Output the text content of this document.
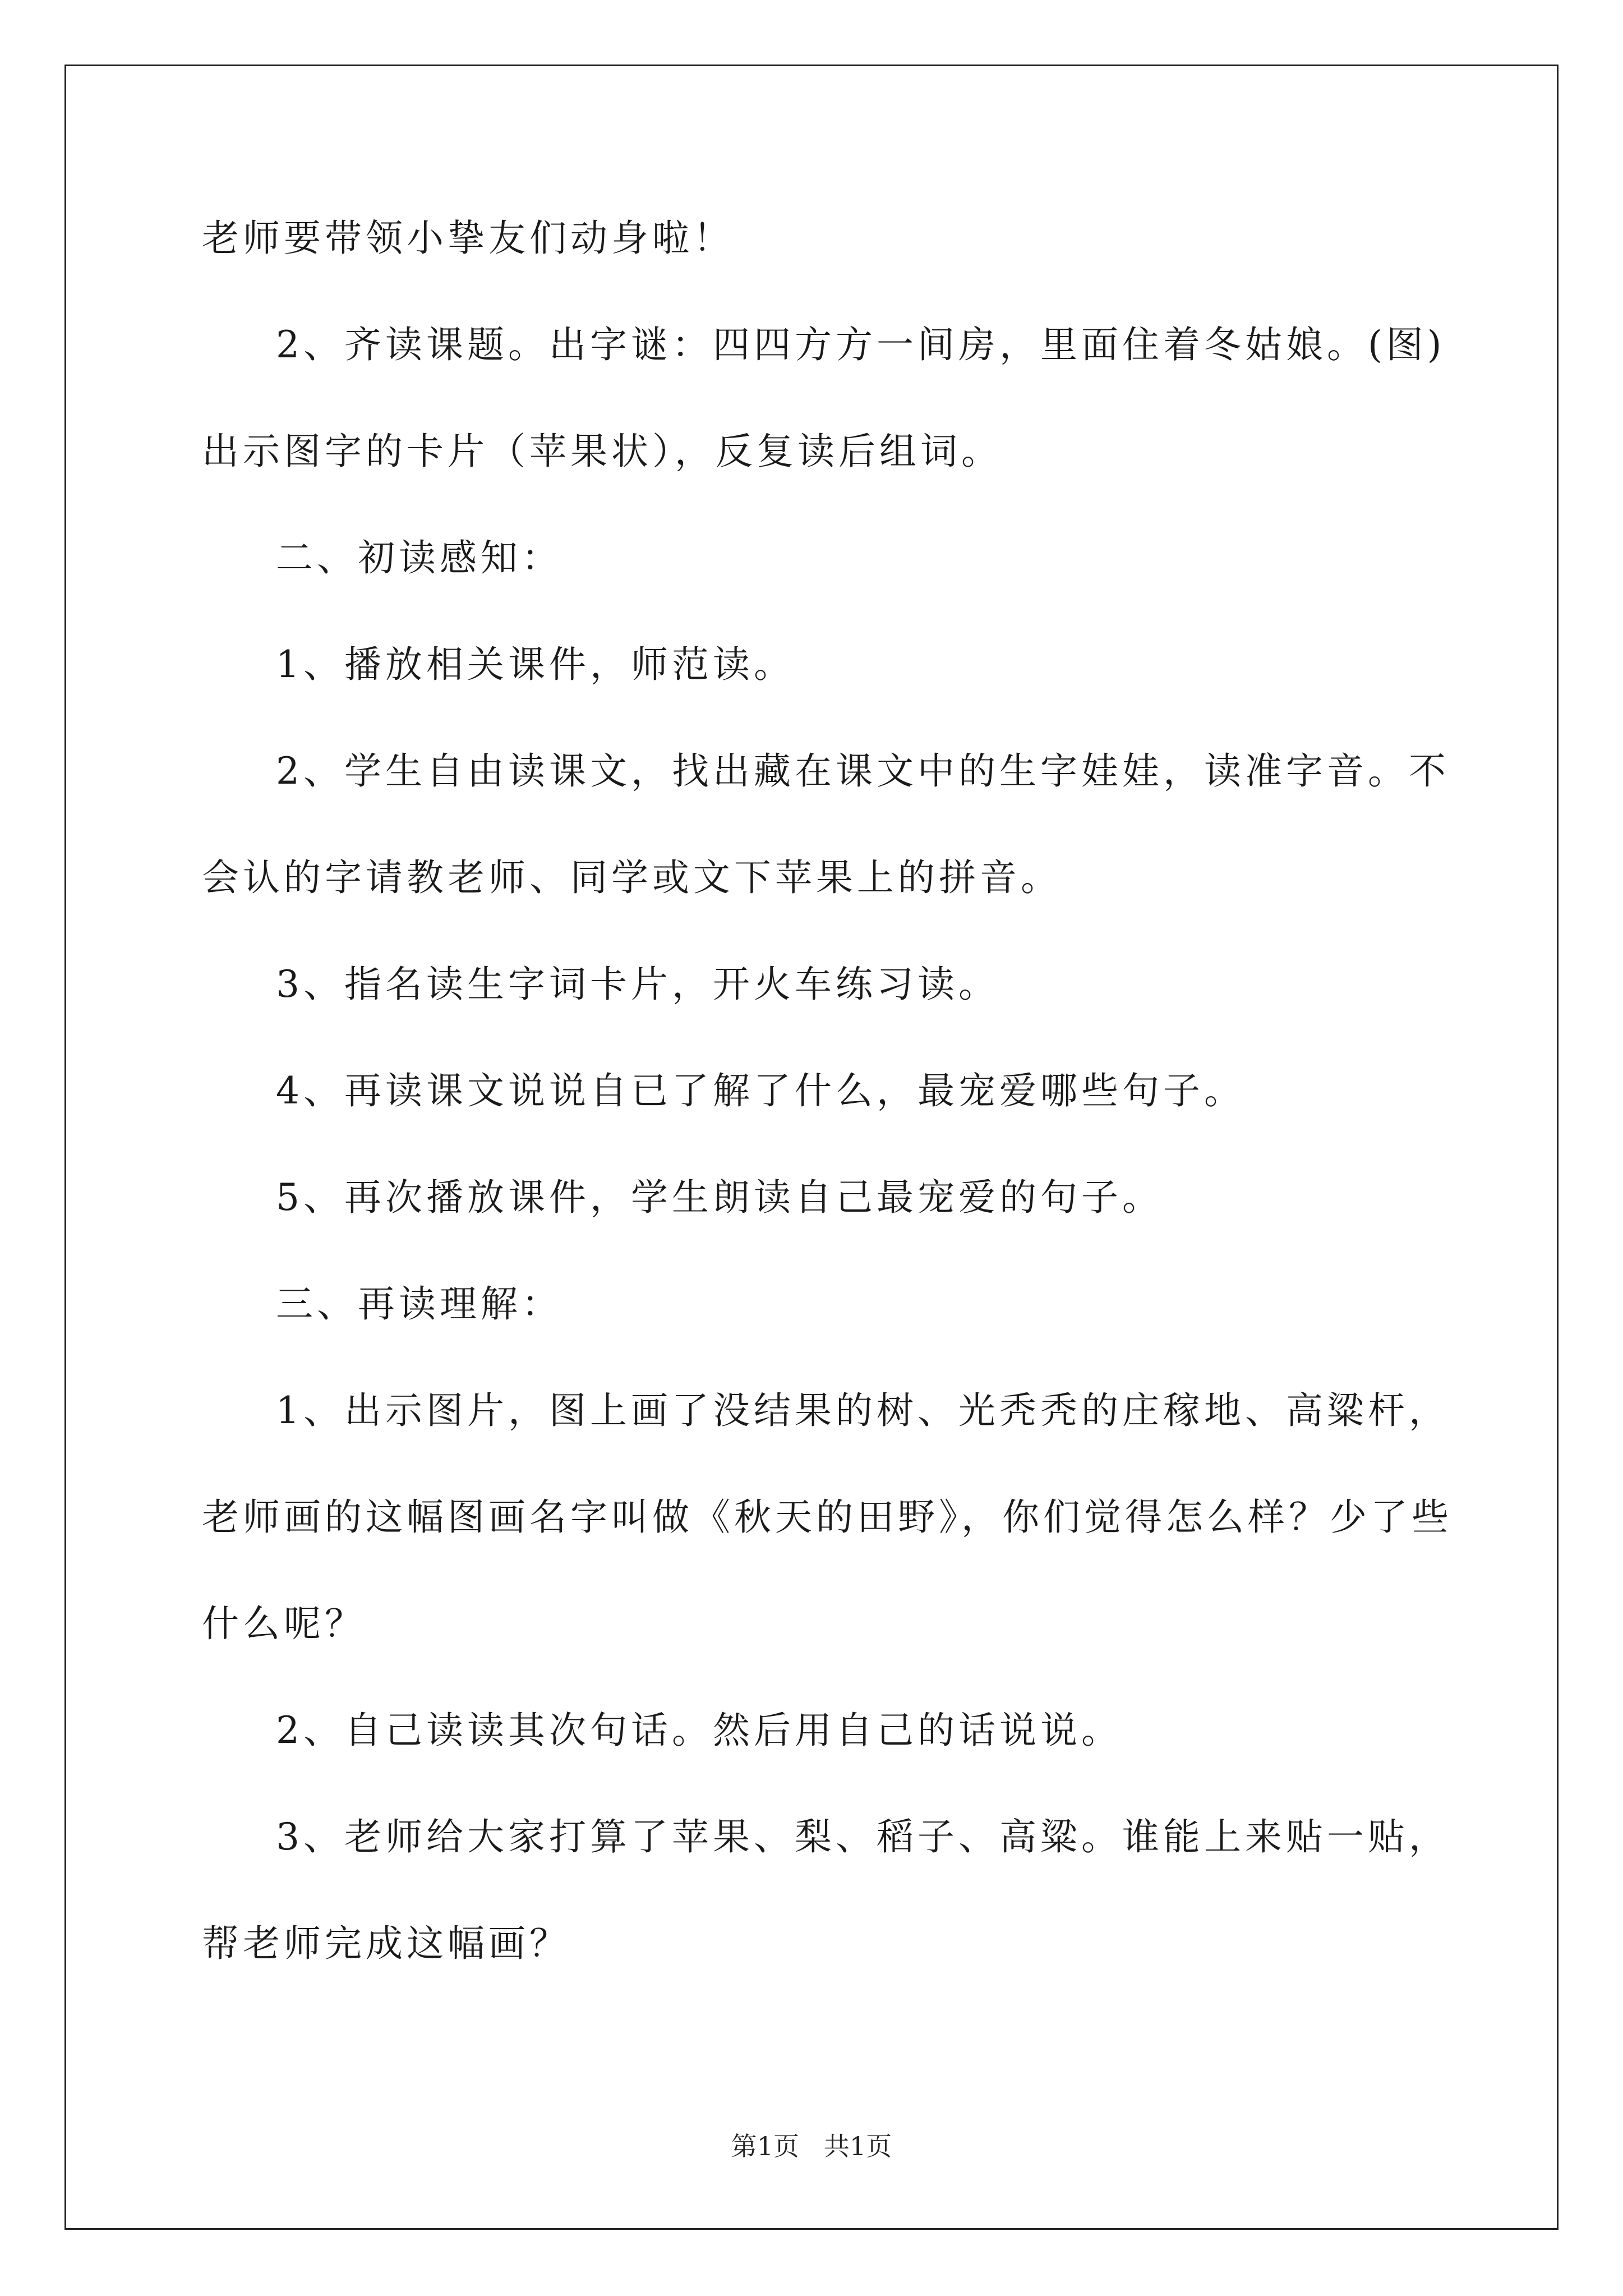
老师要带领小挚友们动身啦！
2、齐读课题。出字谜：四四方方一间房，里面住着冬姑娘。(图)
出示图字的卡片（苹果状），反复读后组词。
二、初读感知：
1、播放相关课件，师范读。
2、学生自由读课文，找出藏在课文中的生字娃娃，读准字音。不
会认的字请教老师、同学或文下苹果上的拼音。
3、指名读生字词卡片，开火车练习读。
4、再读课文说说自已了解了什么，最宠爱哪些句子。
5、再次播放课件，学生朗读自己最宠爱的句子。
三、再读理解：
1、出示图片，图上画了没结果的树、光秃秃的庄稼地、高粱杆，
老师画的这幅图画名字叫做《秋天的田野》，你们觉得怎么样？少了些
什么呢？
2、自己读读其次句话。然后用自己的话说说。
3、老师给大家打算了苹果、梨、稻子、高粱。谁能上来贴一贴，
帮老师完成这幅画？
第1页 共1页
